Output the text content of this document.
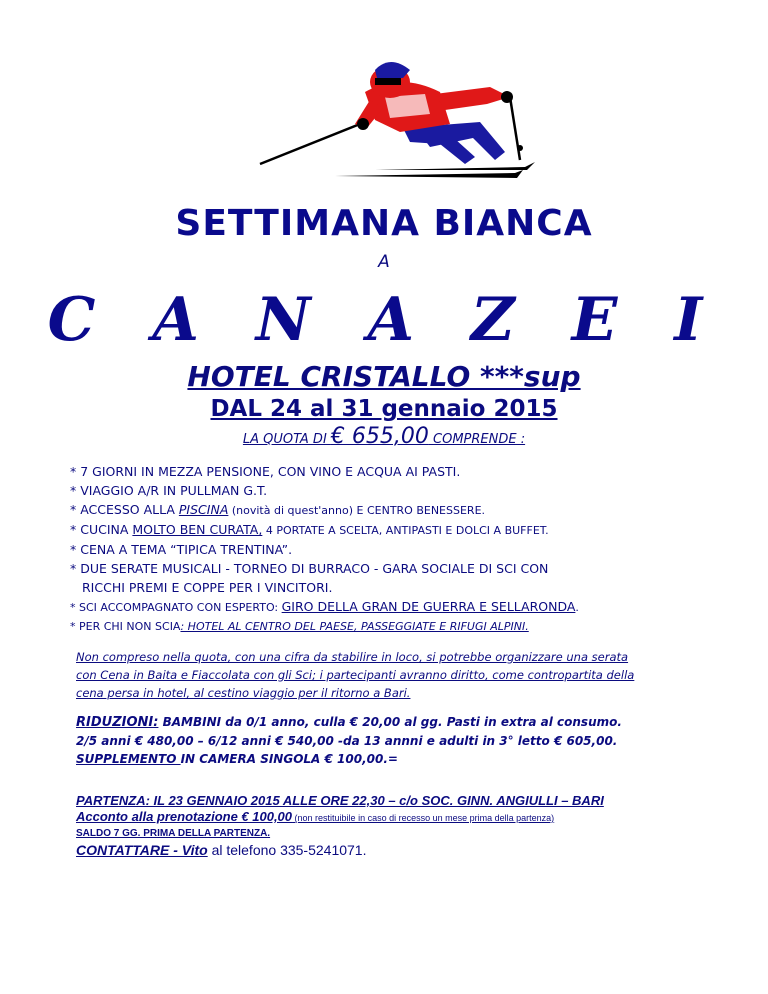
SETTIMANA BIANCA
A
C A N A Z E I
HOTEL CRISTALLO ***sup
DAL 24 al 31 gennaio 2015
LA QUOTA DI € 655,00 COMPRENDE :
* 7 GIORNI IN MEZZA PENSIONE, CON VINO E ACQUA AI PASTI.
* VIAGGIO A/R IN PULLMAN G.T.
* ACCESSO ALLA PISCINA (novità di quest'anno) E CENTRO BENESSERE.
* CUCINA MOLTO BEN CURATA, 4 PORTATE A SCELTA, ANTIPASTI E DOLCI A BUFFET.
* CENA A TEMA “TIPICA TRENTINA”.
* DUE SERATE MUSICALI - TORNEO DI BURRACO - GARA SOCIALE DI SCI CON
RICCHI PREMI E COPPE PER I VINCITORI.
* SCI ACCOMPAGNATO CON ESPERTO: GIRO DELLA GRAN DE GUERRA E SELLARONDA.
* PER CHI NON SCIA: HOTEL AL CENTRO DEL PAESE, PASSEGGIATE E RIFUGI ALPINI.
Non compreso nella quota, con una cifra da stabilire in loco, si potrebbe organizzare una serata
con Cena in Baita e Fiaccolata con gli Sci; i partecipanti avranno diritto, come contropartita della
cena persa in hotel, al cestino viaggio per il ritorno a Bari.
RIDUZIONI: BAMBINI da 0/1 anno, culla € 20,00 al gg. Pasti in extra al consumo.
2/5 anni € 480,00 – 6/12 anni € 540,00 -da 13 annni e adulti in 3° letto € 605,00.
SUPPLEMENTO IN CAMERA SINGOLA € 100,00.=
PARTENZA: IL 23 GENNAIO 2015 ALLE ORE 22,30 – c/o SOC. GINN. ANGIULLI – BARI
Acconto alla prenotazione € 100,00 (non restituibile in caso di recesso un mese prima della partenza)
SALDO 7 GG. PRIMA DELLA PARTENZA.
CONTATTARE - Vito al telefono 335-5241071.
